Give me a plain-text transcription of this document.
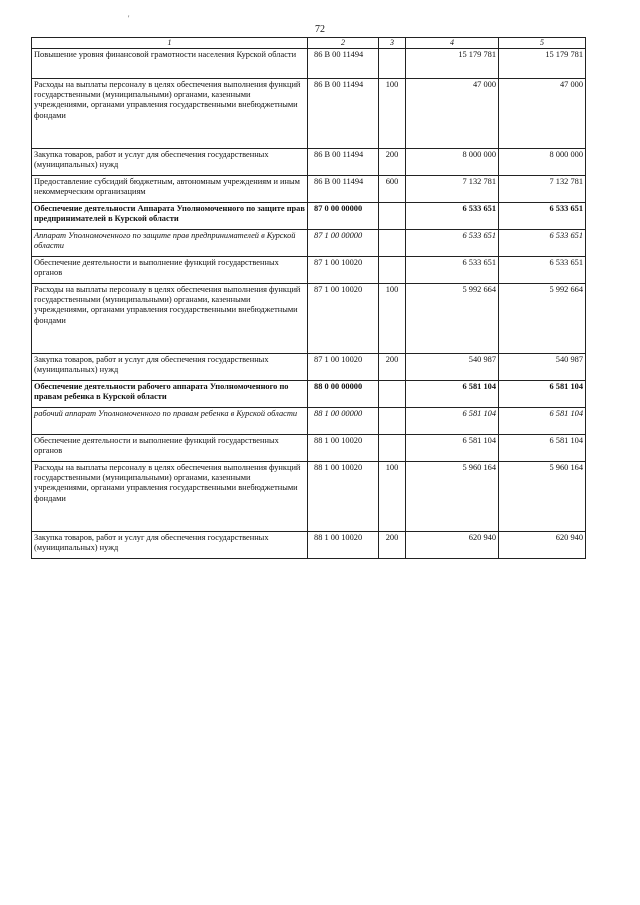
'
72
1	2	3	4	5
Повышение уровня финансовой грамотности населения Курской области	86 В 00 11494		15 179 781	15 179 781
Расходы на выплаты персоналу в целях обеспечения выполнения функций государственными (муниципальными) органами, казенными учреждениями, органами управления государственными внебюджетными фондами	86 В 00 11494	100	47 000	47 000
Закупка товаров, работ и услуг для обеспечения государственных (муниципальных) нужд	86 В 00 11494	200	8 000 000	8 000 000
Предоставление субсидий бюджетным, автономным учреждениям и иным некоммерческим организациям	86 В 00 11494	600	7 132 781	7 132 781
Обеспечение деятельности Аппарата Уполномоченного по защите прав предпринимателей в Курской области	87 0 00 00000		6 533 651	6 533 651
Аппарат Уполномоченного по защите прав предпринимателей в Курской области	87 1 00 00000		6 533 651	6 533 651
Обеспечение деятельности и выполнение функций государственных органов	87 1 00 10020		6 533 651	6 533 651
Расходы на выплаты персоналу в целях обеспечения выполнения функций государственными (муниципальными) органами, казенными учреждениями, органами управления государственными внебюджетными фондами	87 1 00 10020	100	5 992 664	5 992 664
Закупка товаров, работ и услуг для обеспечения государственных (муниципальных) нужд	87 1 00 10020	200	540 987	540 987
Обеспечение деятельности рабочего аппарата Уполномоченного по правам ребенка в Курской области	88 0 00 00000		6 581 104	6 581 104
рабочий аппарат Уполномоченного по правам ребенка в Курской области	88 1 00 00000		6 581 104	6 581 104
Обеспечение деятельности и выполнение функций государственных органов	88 1 00 10020		6 581 104	6 581 104
Расходы на выплаты персоналу в целях обеспечения выполнения функций государственными (муниципальными) органами, казенными учреждениями, органами управления государственными внебюджетными фондами	88 1 00 10020	100	5 960 164	5 960 164
Закупка товаров, работ и услуг для обеспечения государственных (муниципальных) нужд	88 1 00 10020	200	620 940	620 940
